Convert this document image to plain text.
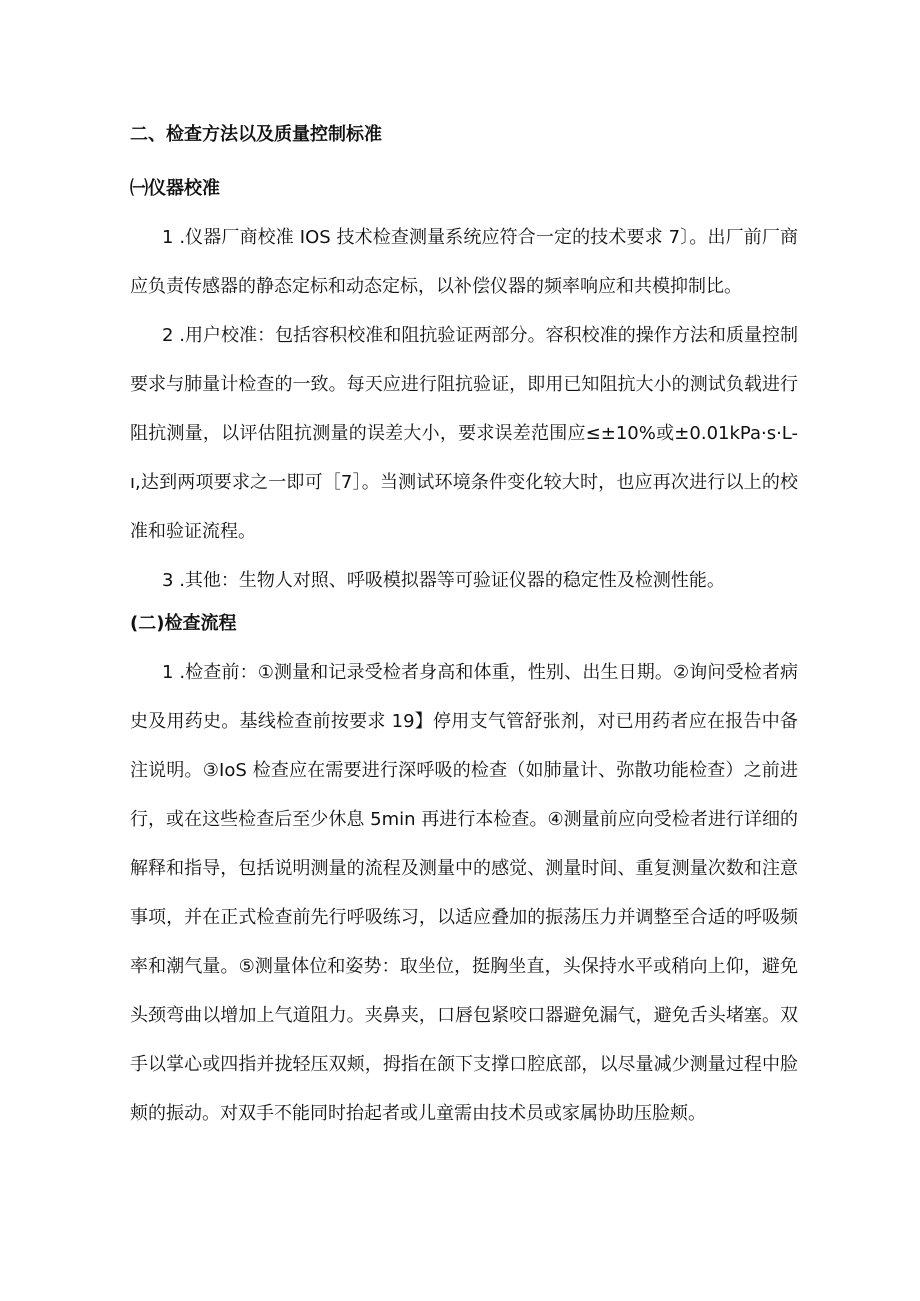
二、检查方法以及质量控制标准
㈠仪器校准

1 .仪器厂商校准 IOS 技术检查测量系统应符合一定的技术要求 7〕。出厂前厂商应负责传感器的静态定标和动态定标，以补偿仪器的频率响应和共模抑制比。

2 .用户校准：包括容积校准和阻抗验证两部分。容积校准的操作方法和质量控制要求与肺量计检查的一致。每天应进行阻抗验证，即用已知阻抗大小的测试负载进行阻抗测量，以评估阻抗测量的误差大小，要求误差范围应≤±10%或±0.01kPa·s·L-ı,达到两项要求之一即可［7］。当测试环境条件变化较大时，也应再次进行以上的校准和验证流程。

3 .其他：生物人对照、呼吸模拟器等可验证仪器的稳定性及检测性能。

(二)检查流程

1 .检查前：①测量和记录受检者身高和体重，性别、出生日期。②询问受检者病史及用药史。基线检查前按要求 19】停用支气管舒张剂，对已用药者应在报告中备注说明。③IoS 检查应在需要进行深呼吸的检查（如肺量计、弥散功能检查）之前进行，或在这些检查后至少休息 5min 再进行本检查。④测量前应向受检者进行详细的解释和指导，包括说明测量的流程及测量中的感觉、测量时间、重复测量次数和注意事项，并在正式检查前先行呼吸练习，以适应叠加的振荡压力并调整至合适的呼吸频率和潮气量。⑤测量体位和姿势：取坐位，挺胸坐直，头保持水平或稍向上仰，避免头颈弯曲以增加上气道阻力。夹鼻夹，口唇包紧咬口器避免漏气，避免舌头堵塞。双手以掌心或四指并拢轻压双颊，拇指在颌下支撑口腔底部，以尽量减少测量过程中脸颊的振动。对双手不能同时抬起者或儿童需由技术员或家属协助压脸颊。
